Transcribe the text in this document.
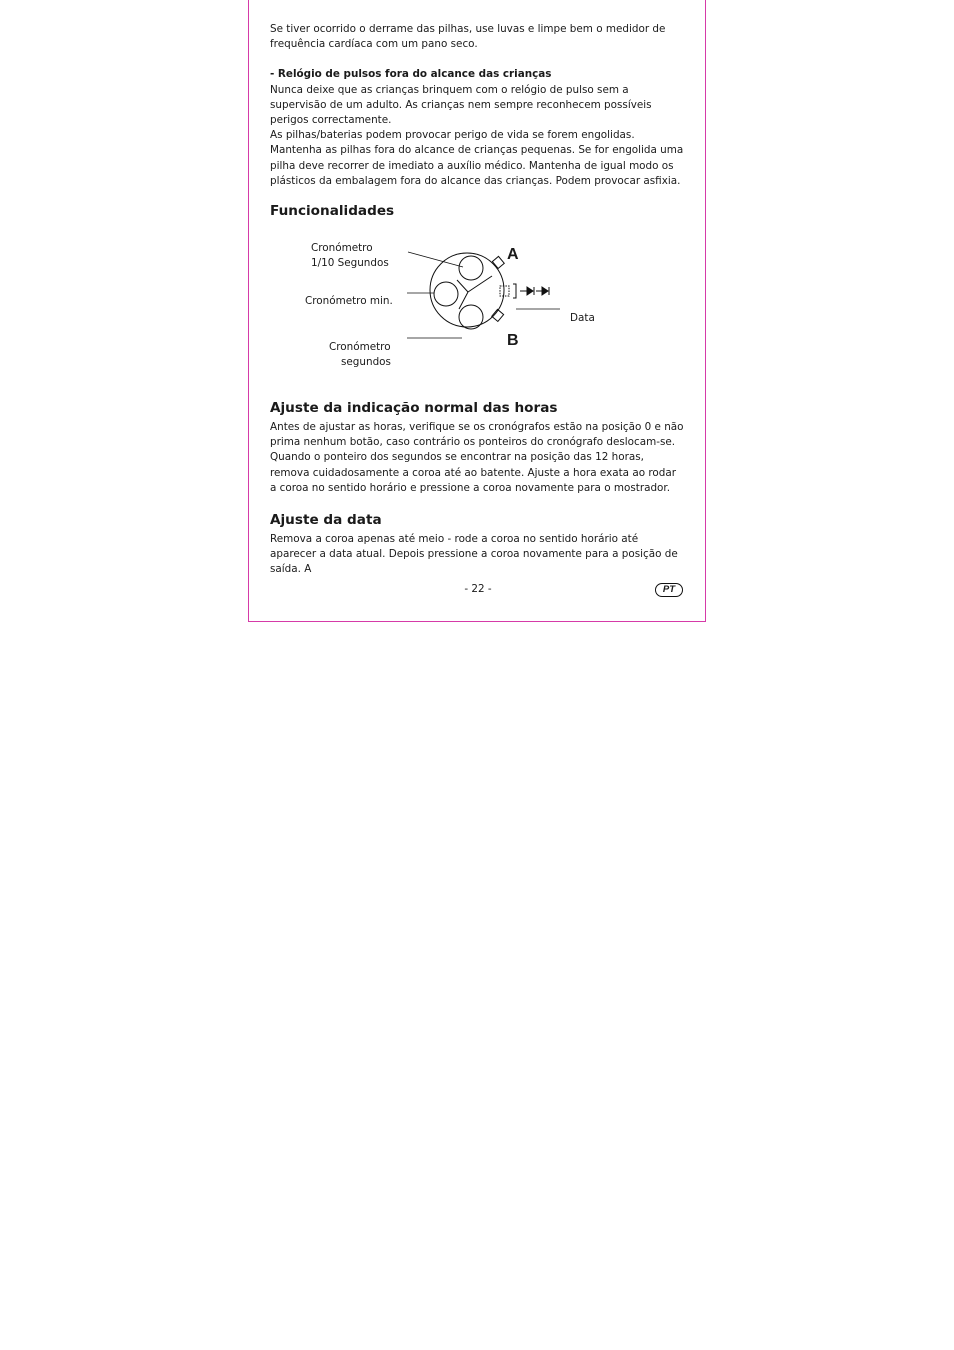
Se tiver ocorrido o derrame das pilhas, use luvas e limpe bem o medidor de frequência cardíaca com um pano seco.

- Relógio de pulsos fora do alcance das crianças

Nunca deixe que as crianças brinquem com o relógio de pulso sem a supervisão de um adulto. As crianças nem sempre reconhecem possíveis perigos correctamente.

As pilhas/baterias podem provocar perigo de vida se forem engolidas. Mantenha as pilhas fora do alcance de crianças pequenas. Se for engolida uma pilha deve recorrer de imediato a auxílio médico. Mantenha de igual modo os plásticos da embalagem fora do alcance das crianças. Podem provocar asfixia.

Funcionalidades
Cronómetro
1/10 Segundos
Cronómetro min.
Cronómetro
segundos
Data
A
B
Ajuste da indicação normal das horas

Antes de ajustar as horas, verifique se os cronógrafos estão na posição 0 e não prima nenhum botão, caso contrário os ponteiros do cronógrafo deslocam-se. Quando o ponteiro dos segundos se encontrar na posição das 12 horas, remova cuidadosamente a coroa até ao batente. Ajuste a hora exata ao rodar a coroa no sentido horário e pressione a coroa novamente para o mostrador.

Ajuste da data

Remova a coroa apenas até meio - rode a coroa no sentido horário até aparecer a data atual. Depois pressione a coroa novamente para a posição de saída. A

- 22 -	PT
